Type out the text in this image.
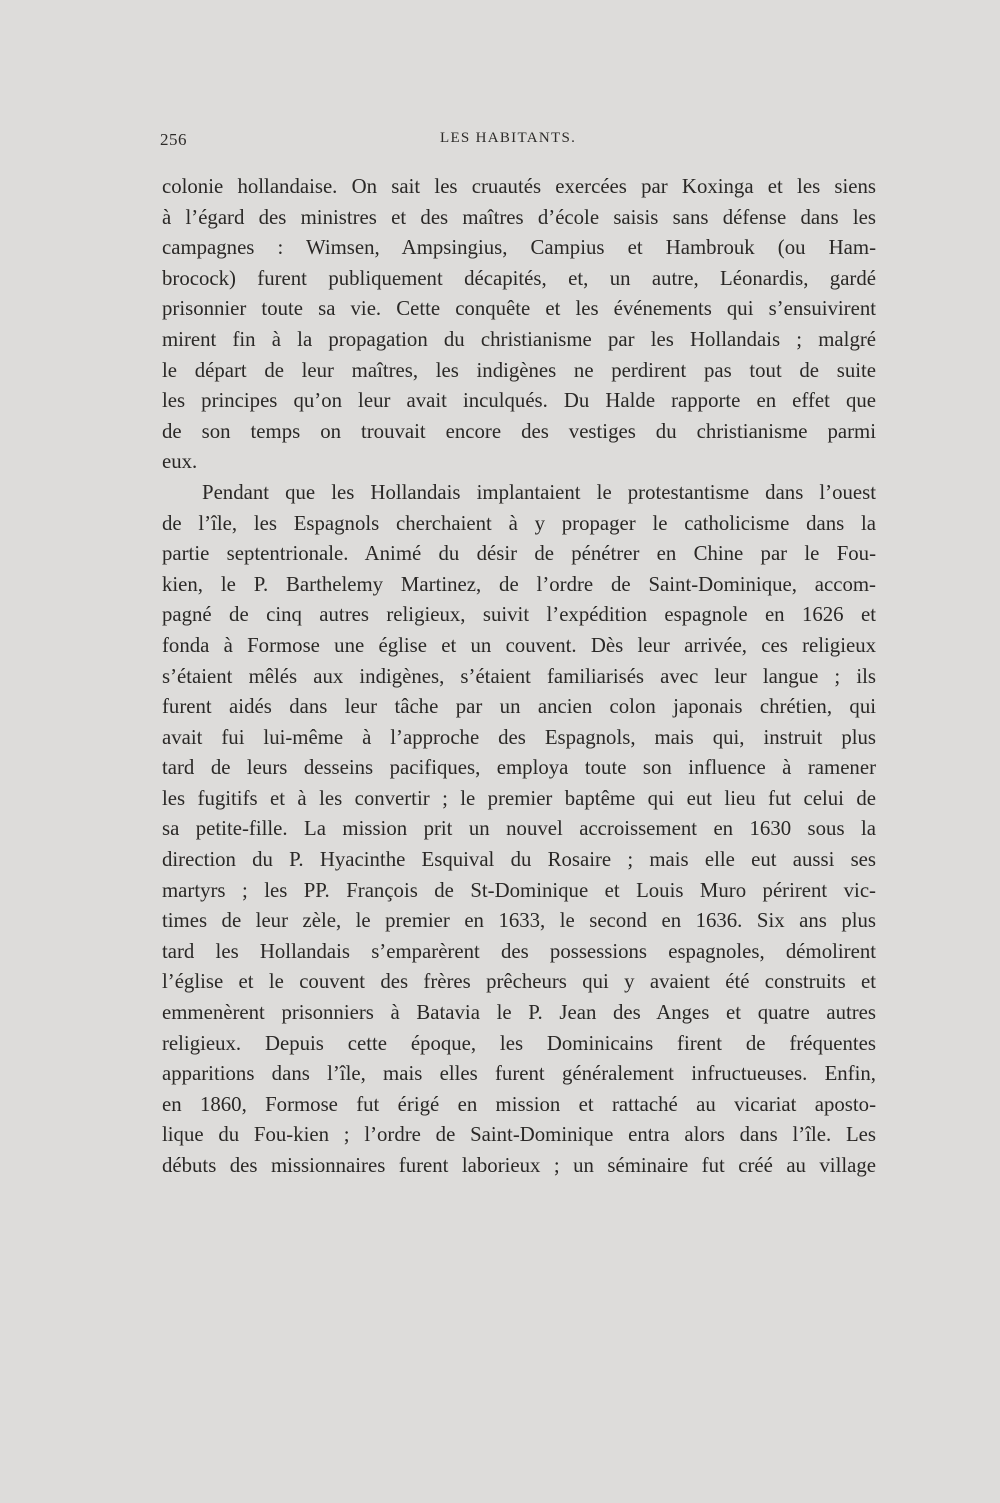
256	LES HABITANTS.
colonie hollandaise. On sait les cruautés exercées par Koxinga et les siens
à l’égard des ministres et des maîtres d’école saisis sans défense dans les
campagnes : Wimsen, Ampsingius, Campius et Hambrouk (ou Ham-
brocock) furent publiquement décapités, et, un autre, Léonardis, gardé
prisonnier toute sa vie. Cette conquête et les événements qui s’ensuivirent
mirent fin à la propagation du christianisme par les Hollandais ; malgré
le départ de leur maîtres, les indigènes ne perdirent pas tout de suite
les principes qu’on leur avait inculqués. Du Halde rapporte en effet que
de son temps on trouvait encore des vestiges du christianisme parmi
eux.
Pendant que les Hollandais implantaient le protestantisme dans l’ouest
de l’île, les Espagnols cherchaient à y propager le catholicisme dans la
partie septentrionale. Animé du désir de pénétrer en Chine par le Fou-
kien, le P. Barthelemy Martinez, de l’ordre de Saint-Dominique, accom-
pagné de cinq autres religieux, suivit l’expédition espagnole en 1626 et
fonda à Formose une église et un couvent. Dès leur arrivée, ces religieux
s’étaient mêlés aux indigènes, s’étaient familiarisés avec leur langue ; ils
furent aidés dans leur tâche par un ancien colon japonais chrétien, qui
avait fui lui-même à l’approche des Espagnols, mais qui, instruit plus
tard de leurs desseins pacifiques, employa toute son influence à ramener
les fugitifs et à les convertir ; le premier baptême qui eut lieu fut celui de
sa petite-fille. La mission prit un nouvel accroissement en 1630 sous la
direction du P. Hyacinthe Esquival du Rosaire ; mais elle eut aussi ses
martyrs ; les PP. François de St-Dominique et Louis Muro périrent vic-
times de leur zèle, le premier en 1633, le second en 1636. Six ans plus
tard les Hollandais s’emparèrent des possessions espagnoles, démolirent
l’église et le couvent des frères prêcheurs qui y avaient été construits et
emmenèrent prisonniers à Batavia le P. Jean des Anges et quatre autres
religieux. Depuis cette époque, les Dominicains firent de fréquentes
apparitions dans l’île, mais elles furent généralement infructueuses. Enfin,
en 1860, Formose fut érigé en mission et rattaché au vicariat aposto-
lique du Fou-kien ; l’ordre de Saint-Dominique entra alors dans l’île. Les
débuts des missionnaires furent laborieux ; un séminaire fut créé au village
